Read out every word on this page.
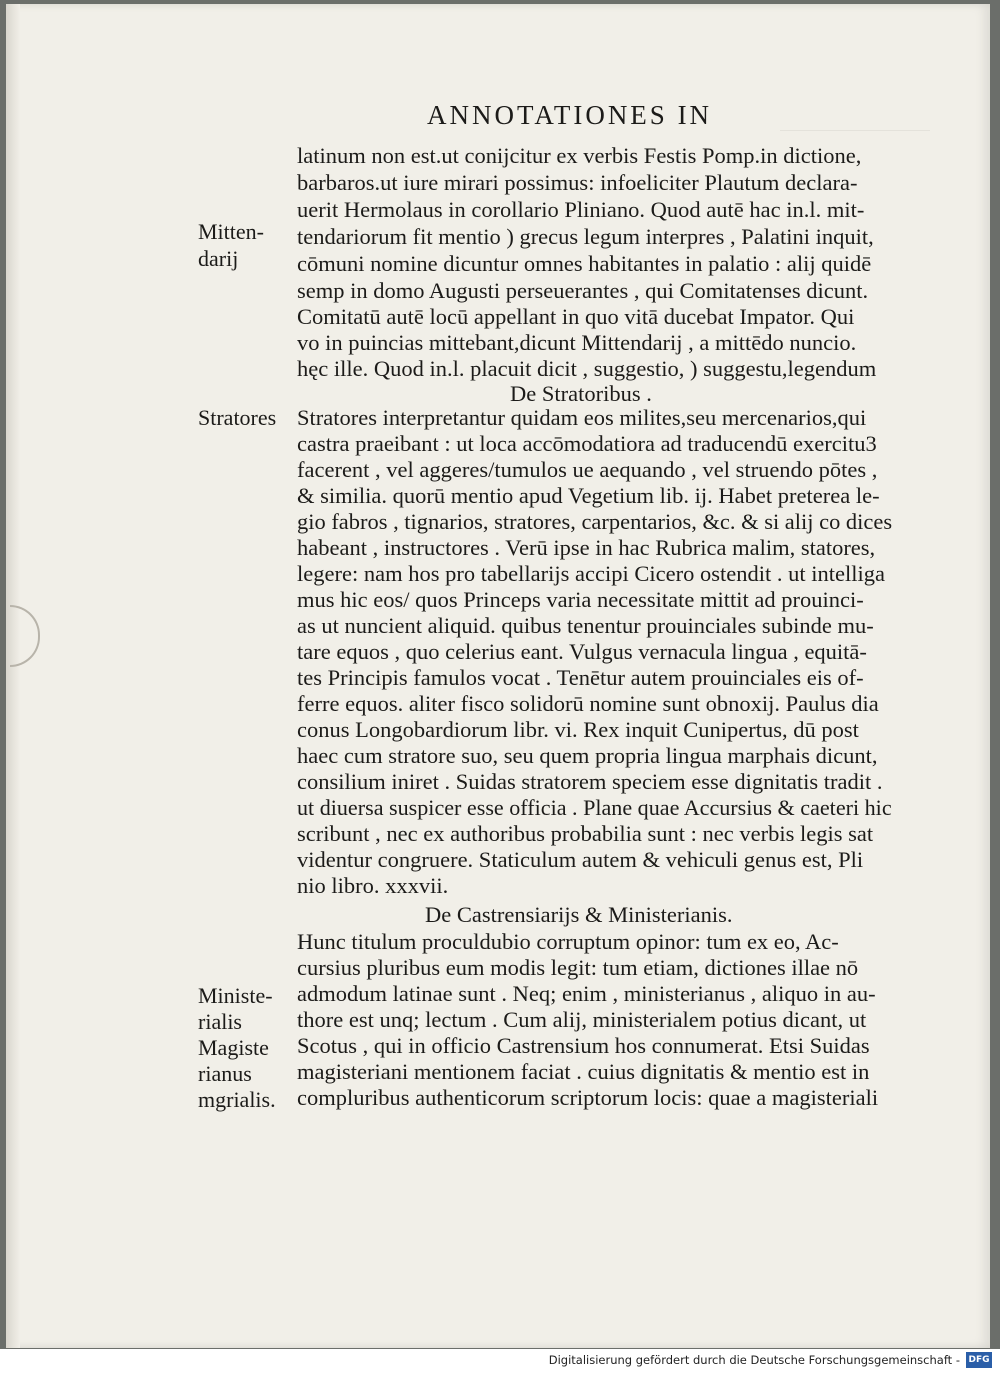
ANNOTATIONES IN
latinum non est.ut conijcitur ex verbis Festis Pomp.in dictione,
barbaros.ut iure mirari possimus: infoeliciter Plautum declara-
uerit Hermolaus in corollario Pliniano. Quod autē hac in.l. mit-
tendariorum fit mentio ) grecus legum interpres , Palatini inquit,
cōmuni nomine dicuntur omnes habitantes in palatio : alij quidē
semp in domo Augusti perseuerantes , qui Comitatenses dicunt.
Comitatū autē locū appellant in quo vitā ducebat Impator. Qui
vo in puincias mittebant,dicunt Mittendarij , a mittēdo nuncio.
hęc ille. Quod in.l. placuit dicit , suggestio, ) suggestu,legendum
De Stratoribus .
Stratores interpretantur quidam eos milites,seu mercenarios,qui
castra praeibant : ut loca accōmodatiora ad traducendū exercitu3
facerent , vel aggeres/tumulos ue aequando , vel struendo pōtes ,
& similia. quorū mentio apud Vegetium lib. ij. Habet preterea le-
gio fabros , tignarios, stratores, carpentarios, &c. & si alij co dices
habeant , instructores . Verū ipse in hac Rubrica malim, statores,
legere: nam hos pro tabellarijs accipi Cicero ostendit . ut intelliga
mus hic eos/ quos Princeps varia necessitate mittit ad prouinci-
as ut nuncient aliquid. quibus tenentur prouinciales subinde mu-
tare equos , quo celerius eant. Vulgus vernacula lingua , equitā-
tes Principis famulos vocat . Tenētur autem prouinciales eis of-
ferre equos. aliter fisco solidorū nomine sunt obnoxij. Paulus dia
conus Longobardiorum libr. vi. Rex inquit Cunipertus, dū post
haec cum stratore suo, seu quem propria lingua marphais dicunt,
consilium iniret . Suidas stratorem speciem esse dignitatis tradit .
ut diuersa suspicer esse officia . Plane quae Accursius & caeteri hic
scribunt , nec ex authoribus probabilia sunt : nec verbis legis sat
videntur congruere. Staticulum autem & vehiculi genus est, Pli
nio libro. xxxvii.
De Castrensiarijs & Ministerianis.
Hunc titulum proculdubio corruptum opinor: tum ex eo, Ac-
cursius pluribus eum modis legit: tum etiam, dictiones illae nō
admodum latinae sunt . Neq; enim , ministerianus , aliquo in au-
thore est unq; lectum . Cum alij, ministerialem potius dicant, ut
Scotus , qui in officio Castrensium hos connumerat. Etsi Suidas
magisteriani mentionem faciat . cuius dignitatis & mentio est in
compluribus authenticorum scriptorum locis: quae a magisteriali
Mitten-
darij
Stratores
Ministe-
rialis
Magiste
rianus
mgrialis.
Digitalisierung gefördert durch die Deutsche Forschungsgemeinschaft - DFG
